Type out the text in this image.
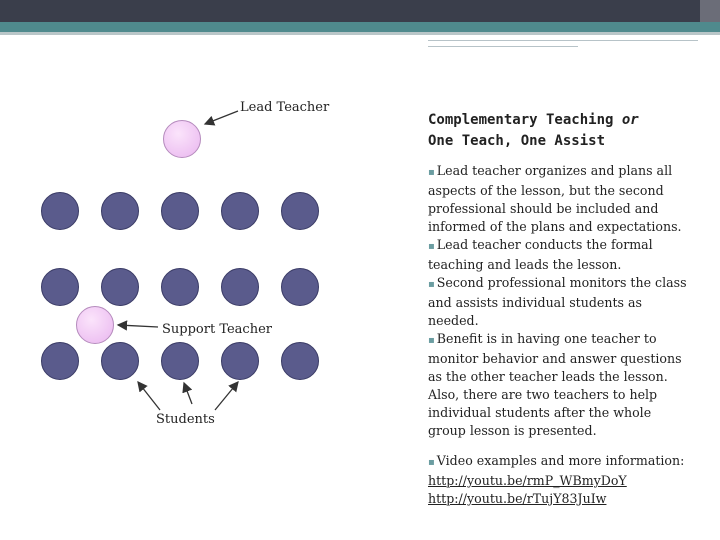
Lead Teacher
Support Teacher
Students
Complementary Teaching or
One Teach, One Assist

▪ Lead teacher organizes and plans all aspects of the lesson, but the second professional should be included and informed of the plans and expectations.

▪ Lead teacher conducts the formal teaching and leads the lesson.

▪ Second professional monitors the class and assists individual students as needed.

▪ Benefit is in having one teacher to monitor behavior and answer questions as the other teacher leads the lesson. Also, there are two teachers to help individual students after the whole group lesson is presented.

▪ Video examples and more information:

http://youtu.be/rmP_WBmyDoY

http://youtu.be/rTujY83JuIw
